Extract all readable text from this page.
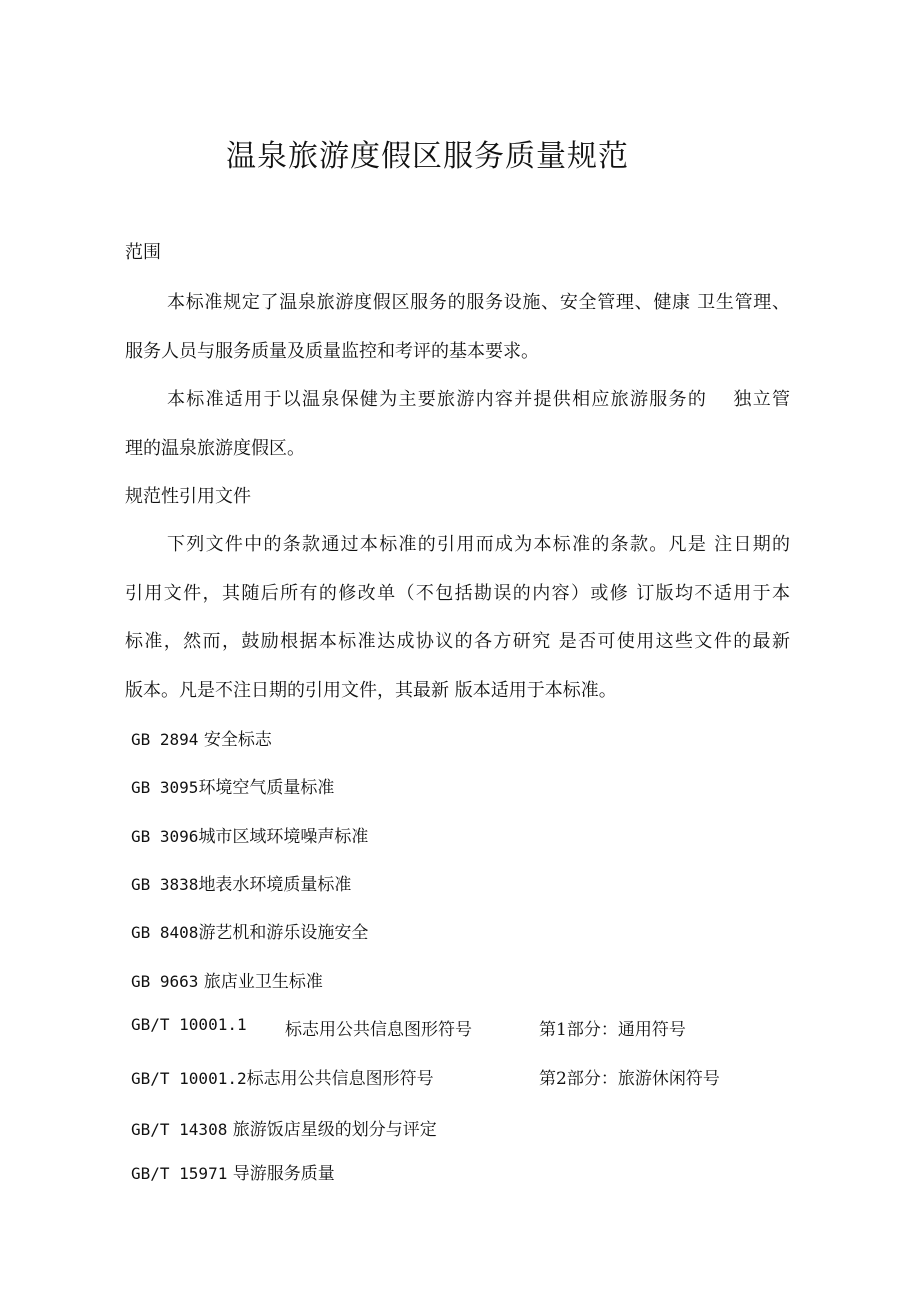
温泉旅游度假区服务质量规范
范围
本标准规定了温泉旅游度假区服务的服务设施、安全管理、健康 卫生管理、
服务人员与服务质量及质量监控和考评的基本要求。
本标准适用于以温泉保健为主要旅游内容并提供相应旅游服务的 　独立管
理的温泉旅游度假区。
规范性引用文件
下列文件中的条款通过本标准的引用而成为本标准的条款。凡是 注日期的
引用文件，其随后所有的修改单（不包括勘误的内容）或修 订版均不适用于本
标准，然而，鼓励根据本标准达成协议的各方研究 是否可使用这些文件的最新
版本。凡是不注日期的引用文件，其最新 版本适用于本标准。
GB 2894 安全标志
GB 3095环境空气质量标准
GB 3096城市区域环境噪声标准
GB 3838地表水环境质量标准
GB 8408游艺机和游乐设施安全
GB 9663 旅店业卫生标准
GB/T 10001.1 标志用公共信息图形符号	第1部分：通用符号
GB/T 10001.2标志用公共信息图形符号	第2部分：旅游休闲符号
GB/T 14308 旅游饭店星级的划分与评定
GB/T 15971 导游服务质量
